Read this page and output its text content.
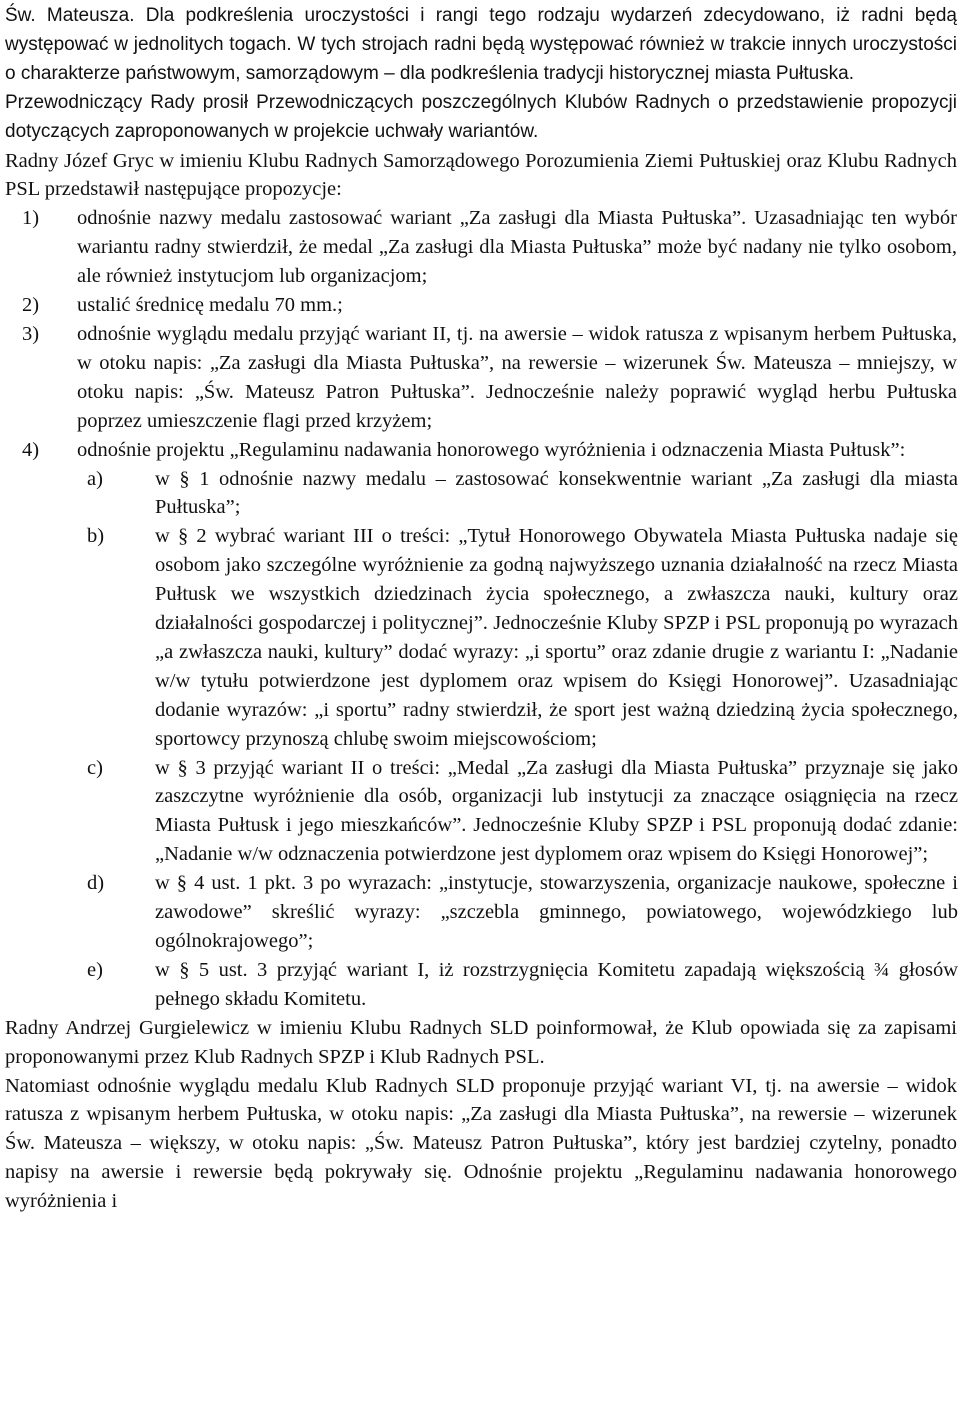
Św. Mateusza. Dla podkreślenia uroczystości i rangi tego rodzaju wydarzeń zdecydowano, iż radni będą występować w jednolitych togach. W tych strojach radni będą występować również w trakcie innych uroczystości o charakterze państwowym, samorządowym – dla podkreślenia tradycji historycznej miasta Pułtuska.

Przewodniczący Rady prosił Przewodniczących poszczególnych Klubów Radnych o przedstawienie propozycji dotyczących zaproponowanych w projekcie uchwały wariantów.

Radny Józef Gryc w imieniu Klubu Radnych Samorządowego Porozumienia Ziemi Pułtuskiej oraz Klubu Radnych PSL przedstawił następujące propozycje:

1)	odnośnie nazwy medalu zastosować wariant „Za zasługi dla Miasta Pułtuska”. Uzasadniając ten wybór wariantu radny stwierdził, że medal „Za zasługi dla Miasta Pułtuska” może być nadany nie tylko osobom, ale również instytucjom lub organizacjom;
2)	ustalić średnicę medalu 70 mm.;
3)	odnośnie wyglądu medalu przyjąć wariant II, tj. na awersie – widok ratusza z wpisanym herbem Pułtuska, w otoku napis: „Za zasługi dla Miasta Pułtuska”, na rewersie – wizerunek Św. Mateusza – mniejszy, w otoku napis: „Św. Mateusz Patron Pułtuska”. Jednocześnie należy poprawić wygląd herbu Pułtuska poprzez umieszczenie flagi przed krzyżem;
4)	odnośnie projektu „Regulaminu nadawania honorowego wyróżnienia i odznaczenia Miasta Pułtusk”:
a)	w § 1 odnośnie nazwy medalu – zastosować konsekwentnie wariant „Za zasługi dla miasta Pułtuska”;
b)	w § 2 wybrać wariant III o treści: „Tytuł Honorowego Obywatela Miasta Pułtuska nadaje się osobom jako szczególne wyróżnienie za godną najwyższego uznania działalność na rzecz Miasta Pułtusk we wszystkich dziedzinach życia społecznego, a zwłaszcza nauki, kultury oraz działalności gospodarczej i politycznej”. Jednocześnie Kluby SPZP i PSL proponują po wyrazach „a zwłaszcza nauki, kultury” dodać wyrazy: „i sportu” oraz zdanie drugie z wariantu I: „Nadanie w/w tytułu potwierdzone jest dyplomem oraz wpisem do Księgi Honorowej”. Uzasadniając dodanie wyrazów: „i sportu” radny stwierdził, że sport jest ważną dziedziną życia społecznego, sportowcy przynoszą chlubę swoim miejscowościom;
c)	w § 3 przyjąć wariant II o treści: „Medal „Za zasługi dla Miasta Pułtuska” przyznaje się jako zaszczytne wyróżnienie dla osób, organizacji lub instytucji za znaczące osiągnięcia na rzecz Miasta Pułtusk i jego mieszkańców”. Jednocześnie Kluby SPZP i PSL proponują dodać zdanie: „Nadanie w/w odznaczenia potwierdzone jest dyplomem oraz wpisem do Księgi Honorowej”;
d)	w § 4 ust. 1 pkt. 3 po wyrazach: „instytucje, stowarzyszenia, organizacje naukowe, społeczne i zawodowe” skreślić wyrazy: „szczebla gminnego, powiatowego, wojewódzkiego lub ogólnokrajowego”;
e)	w § 5 ust. 3 przyjąć wariant I, iż rozstrzygnięcia Komitetu zapadają większością ¾ głosów pełnego składu Komitetu.

Radny Andrzej Gurgielewicz w imieniu Klubu Radnych SLD poinformował, że Klub opowiada się za zapisami proponowanymi przez Klub Radnych SPZP i Klub Radnych PSL.

Natomiast odnośnie wyglądu medalu Klub Radnych SLD proponuje przyjąć wariant VI, tj. na awersie – widok ratusza z wpisanym herbem Pułtuska, w otoku napis: „Za zasługi dla Miasta Pułtuska”, na rewersie – wizerunek Św. Mateusza – większy, w otoku napis: „Św. Mateusz Patron Pułtuska”, który jest bardziej czytelny, ponadto napisy na awersie i rewersie będą pokrywały się. Odnośnie projektu „Regulaminu nadawania honorowego wyróżnienia i
